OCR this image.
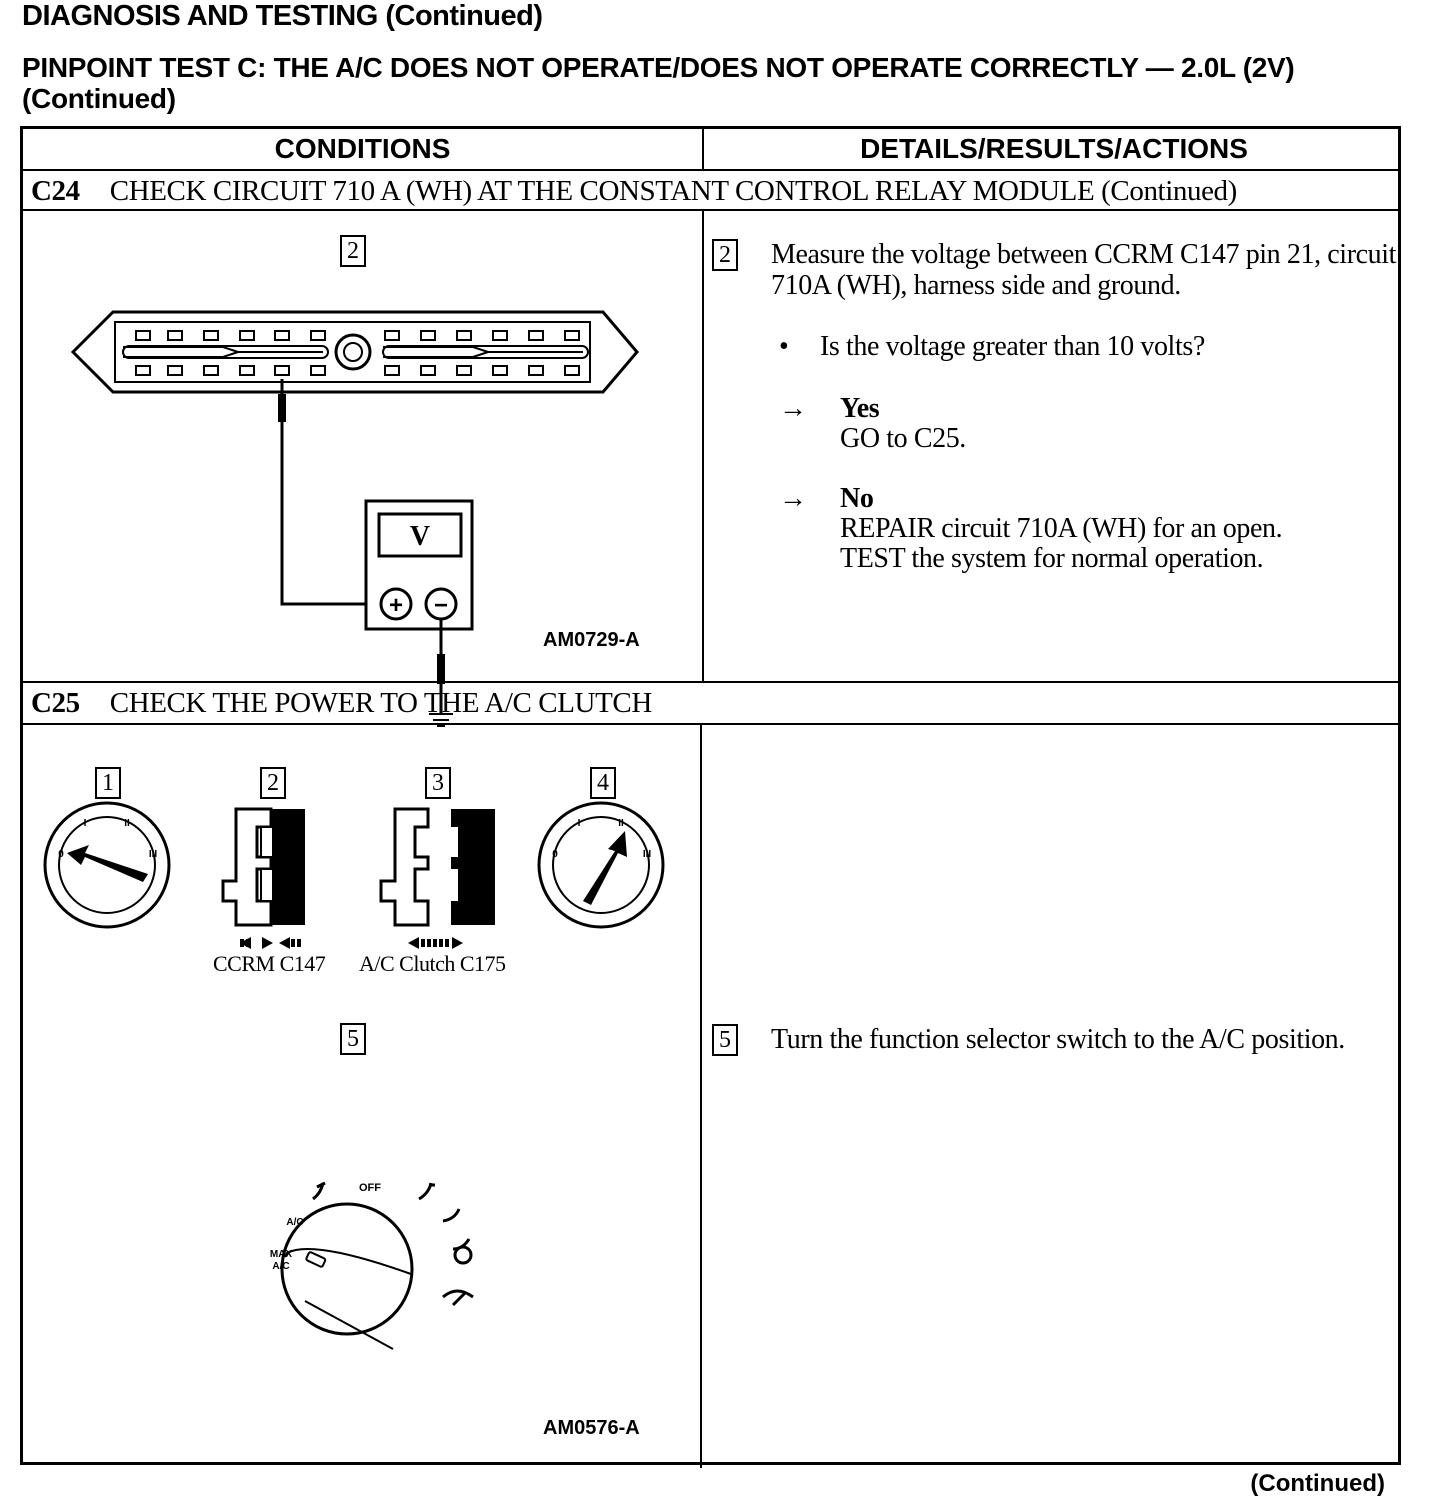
DIAGNOSIS AND TESTING (Continued)
PINPOINT TEST C: THE A/C DOES NOT OPERATE/DOES NOT OPERATE CORRECTLY — 2.0L (2V) (Continued)
CONDITIONS	DETAILS/RESULTS/ACTIONS
C24 CHECK CIRCUIT 710 A (WH) AT THE CONSTANT CONTROL RELAY MODULE (Continued)
2
V
+ −
AM0729-A
2 Measure the voltage between CCRM C147 pin 21, circuit 710A (WH), harness side and ground.
• Is the voltage greater than 10 volts?
→ Yes
GO to C25.
→ No
REPAIR circuit 710A (WH) for an open.
TEST the system for normal operation.
C25 CHECK THE POWER TO THE A/C CLUTCH
1	2	3	4
0
I	II
III	0
I	II
III
CCRM C147 A/C Clutch C175
5
OFF
A/C
MAX
A/C
AM0576-A
5 Turn the function selector switch to the A/C position.
(Continued)
